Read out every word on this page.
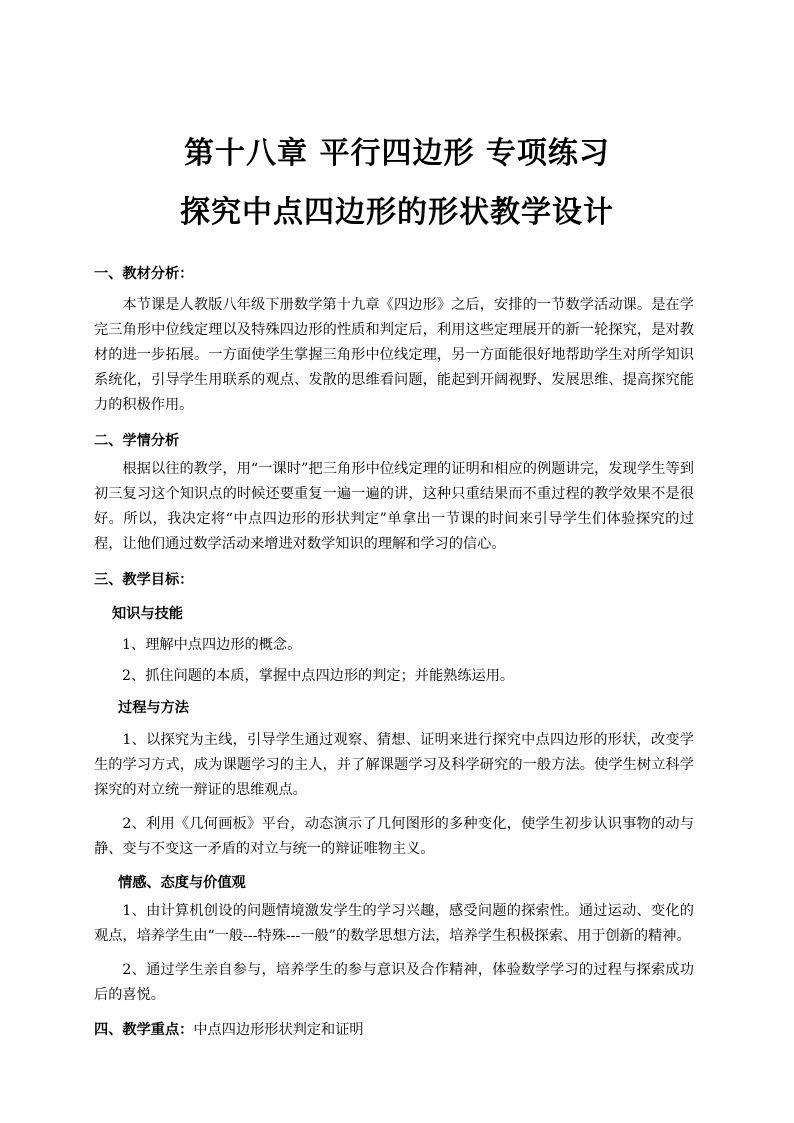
第十八章 平行四边形 专项练习
探究中点四边形的形状教学设计

一、教材分析：

本节课是人教版八年级下册数学第十九章《四边形》之后，安排的一节数学活动课。是在学完三角形中位线定理以及特殊四边形的性质和判定后，利用这些定理展开的新一轮探究，是对教材的进一步拓展。一方面使学生掌握三角形中位线定理，另一方面能很好地帮助学生对所学知识系统化，引导学生用联系的观点、发散的思维看问题，能起到开阔视野、发展思维、提高探究能力的积极作用。

二、学情分析

根据以往的教学，用“一课时”把三角形中位线定理的证明和相应的例题讲完，发现学生等到初三复习这个知识点的时候还要重复一遍一遍的讲，这种只重结果而不重过程的教学效果不是很好。所以，我决定将“中点四边形的形状判定”单拿出一节课的时间来引导学生们体验探究的过程，让他们通过数学活动来增进对数学知识的理解和学习的信心。

三、教学目标：

知识与技能

1、理解中点四边形的概念。

2、抓住问题的本质，掌握中点四边形的判定；并能熟练运用。

过程与方法

1、以探究为主线，引导学生通过观察、猜想、证明来进行探究中点四边形的形状，改变学生的学习方式，成为课题学习的主人，并了解课题学习及科学研究的一般方法。使学生树立科学探究的对立统一辩证的思维观点。

2、利用《几何画板》平台，动态演示了几何图形的多种变化，使学生初步认识事物的动与静、变与不变这一矛盾的对立与统一的辩证唯物主义。

情感、态度与价值观

1、由计算机创设的问题情境激发学生的学习兴趣，感受问题的探索性。通过运动、变化的观点，培养学生由“一般---特殊---一般”的数学思想方法，培养学生积极探索、用于创新的精神。

2、通过学生亲自参与，培养学生的参与意识及合作精神，体验数学学习的过程与探索成功后的喜悦。

四、教学重点：中点四边形形状判定和证明
